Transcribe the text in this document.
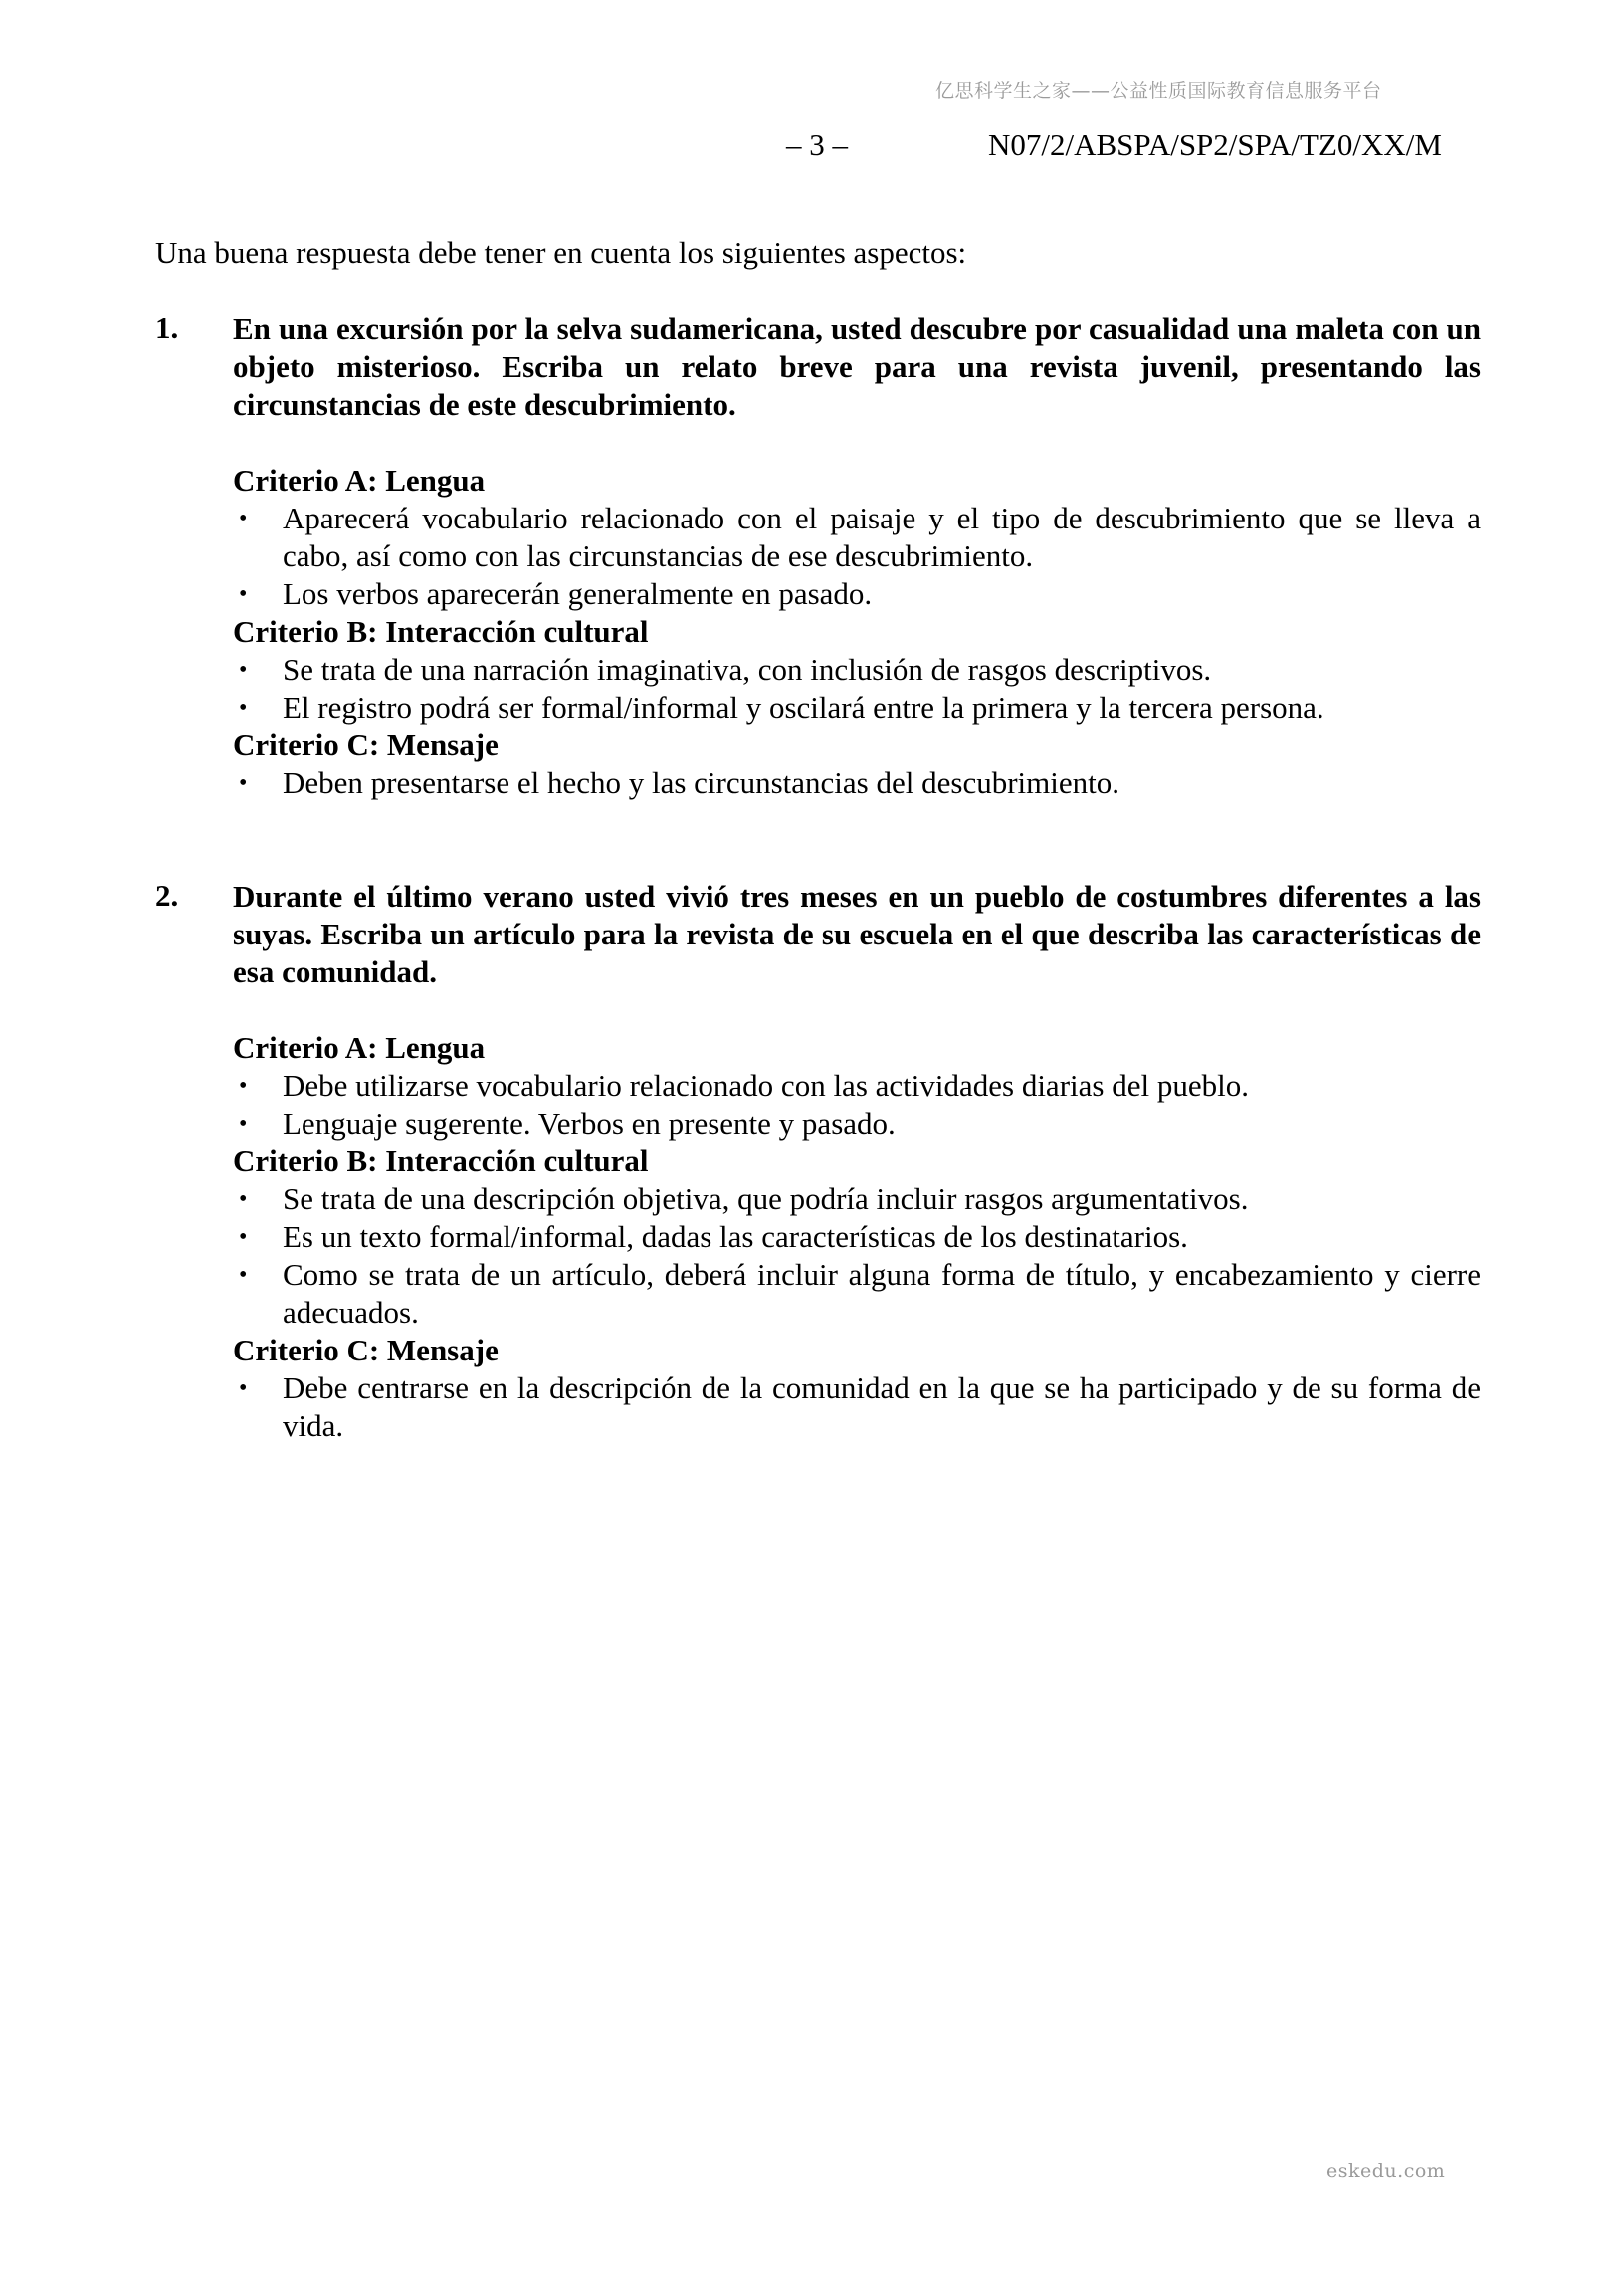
亿思科学生之家——公益性质国际教育信息服务平台
– 3 –	N07/2/ABSPA/SP2/SPA/TZ0/XX/M
Una buena respuesta debe tener en cuenta los siguientes aspectos:
1. En una excursión por la selva sudamericana, usted descubre por casualidad una maleta con un objeto misterioso. Escriba un relato breve para una revista juvenil, presentando las circunstancias de este descubrimiento.
Criterio A: Lengua
• Aparecerá vocabulario relacionado con el paisaje y el tipo de descubrimiento que se lleva a cabo, así como con las circunstancias de ese descubrimiento.
• Los verbos aparecerán generalmente en pasado.
Criterio B: Interacción cultural
• Se trata de una narración imaginativa, con inclusión de rasgos descriptivos.
• El registro podrá ser formal/informal y oscilará entre la primera y la tercera persona.
Criterio C: Mensaje
• Deben presentarse el hecho y las circunstancias del descubrimiento.
2. Durante el último verano usted vivió tres meses en un pueblo de costumbres diferentes a las suyas. Escriba un artículo para la revista de su escuela en el que describa las características de esa comunidad.
Criterio A: Lengua
• Debe utilizarse vocabulario relacionado con las actividades diarias del pueblo.
• Lenguaje sugerente. Verbos en presente y pasado.
Criterio B: Interacción cultural
• Se trata de una descripción objetiva, que podría incluir rasgos argumentativos.
• Es un texto formal/informal, dadas las características de los destinatarios.
• Como se trata de un artículo, deberá incluir alguna forma de título, y encabezamiento y cierre adecuados.
Criterio C: Mensaje
• Debe centrarse en la descripción de la comunidad en la que se ha participado y de su forma de vida.
eskedu.com
